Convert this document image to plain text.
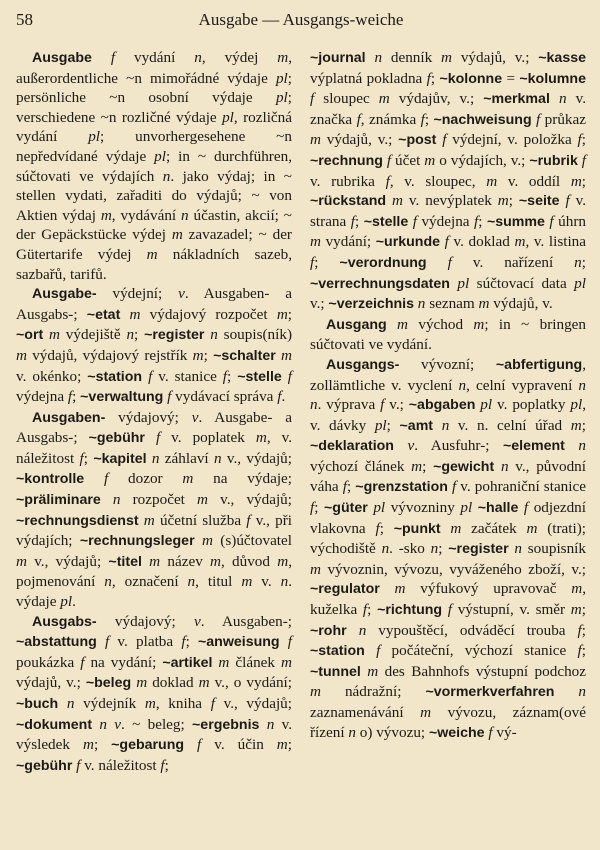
58	Ausgabe — Ausgangs-weiche

Ausgabe f vydání n, výdej m, außerordentliche ~n mimořádné výdaje pl; persönliche ~n osobní výdaje pl; verschiedene ~n rozličné výdaje pl, rozličná vydání pl; unvorhergesehene ~n nepředvídané výdaje pl; in ~ durchführen, súčtovati ve výdajích n. jako výdaj; in ~ stellen vydati, zařaditi do výdajů; ~ von Aktien výdaj m, vydávání n účastin, akcií; ~ der Gepäckstücke výdej m zavazadel; ~ der Gütertarife výdej m nákladních sazeb, sazbařů, tarifů.

Ausgabe- výdejní; v. Ausgaben- a Ausgabs-; ~etat m výdajový rozpočet m; ~ort m výdejiště n; ~register n soupis(ník) m výdajů, výdajový rejstřík m; ~schalter m v. okénko; ~station f v. stanice f; ~stelle f výdejna f; ~verwaltung f vydávací správa f.

Ausgaben- výdajový; v. Ausgabe- a Ausgabs-; ~gebühr f v. poplatek m, v. náležitost f; ~kapitel n záhlaví n v., výdajů; ~kontrolle f dozor m na výdaje; ~präliminare n rozpočet m v., výdajů; ~rechnungsdienst m účetní služba f v., při výdajích; ~rechnungsleger m (s)účtovatel m v., výdajů; ~titel m název m, důvod m, pojmenování n, označení n, titul m v. n. výdaje pl.

Ausgabs- výdajový; v. Ausgaben-; ~abstattung f v. platba f; ~anweisung f poukázka f na vydání; ~artikel m článek m výdajů, v.; ~beleg m doklad m v., o vydání; ~buch n výdejník m, kniha f v., výdajů; ~dokument n v. ~ beleg; ~ergebnis n v. výsledek m; ~gebarung f v. účin m; ~gebühr f v. náležitost f;

~journal n denník m výdajů, v.; ~kasse výplatná pokladna f; ~kolonne = ~kolumne f sloupec m výdajův, v.; ~merkmal n v. značka f, známka f; ~nachweisung f průkaz m výdajů, v.; ~post f výdejní, v. položka f; ~rechnung f účet m o výdajích, v.; ~rubrik f v. rubrika f, v. sloupec, m v. oddíl m; ~rückstand m v. nevýplatek m; ~seite f v. strana f; ~stelle f výdejna f; ~summe f úhrn m vydání; ~urkunde f v. doklad m, v. listina f; ~verordnung f v. nařízení n; ~verrechnungsdaten pl súčtovací data pl v.; ~verzeichnis n seznam m výdajů, v.

Ausgang m východ m; in ~ bringen súčtovati ve vydání.

Ausgangs- vývozní; ~abfertigung, zollämtliche v. vyclení n, celní vypravení n n. výprava f v.; ~abgaben pl v. poplatky pl, v. dávky pl; ~amt n v. n. celní úřad m; ~deklaration v. Ausfuhr-; ~element n výchozí článek m; ~gewicht n v., původní váha f; ~grenzstation f v. pohraniční stanice f; ~güter pl vývozniny pl ~halle f odjezdní vlakovna f; ~punkt m začátek m (trati); východiště n. -sko n; ~register n soupisník m vývoznin, vývozu, vyváženého zboží, v.; ~regulator m výfukový upravovač m, kuželka f; ~richtung f výstupní, v. směr m; ~rohr n vypouštěcí, odváděcí trouba f; ~station f počáteční, výchozí stanice f; ~tunnel m des Bahnhofs výstupní podchoz m nádražní; ~vormerkverfahren n zaznamenávání m vývozu, záznam(ové řízení n o) vývozu; ~weiche f vý-
